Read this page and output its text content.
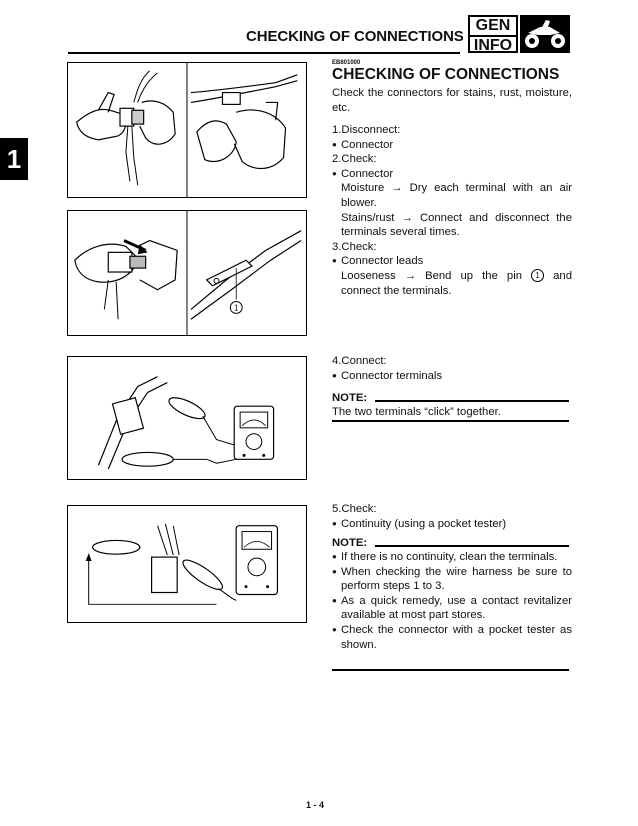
CHECKING OF CONNECTIONS
GEN
INFO
1
1
EB801000
CHECKING OF CONNECTIONS
Check the connectors for stains, rust, moisture, etc.
1.Disconnect:
● Connector
2.Check:
● Connector
Moisture → Dry each terminal with an air blower.
Stains/rust → Connect and disconnect the terminals several times.
3.Check:
● Connector leads
Looseness → Bend up the pin 1 and connect the terminals.
4.Connect:
● Connector terminals
NOTE:
The two terminals “click” together.
5.Check:
● Continuity (using a pocket tester)
NOTE:
● If there is no continuity, clean the terminals.
● When checking the wire harness be sure to perform steps 1 to 3.
● As a quick remedy, use a contact revitalizer available at most part stores.
● Check the connector with a pocket tester as shown.
1 - 4
